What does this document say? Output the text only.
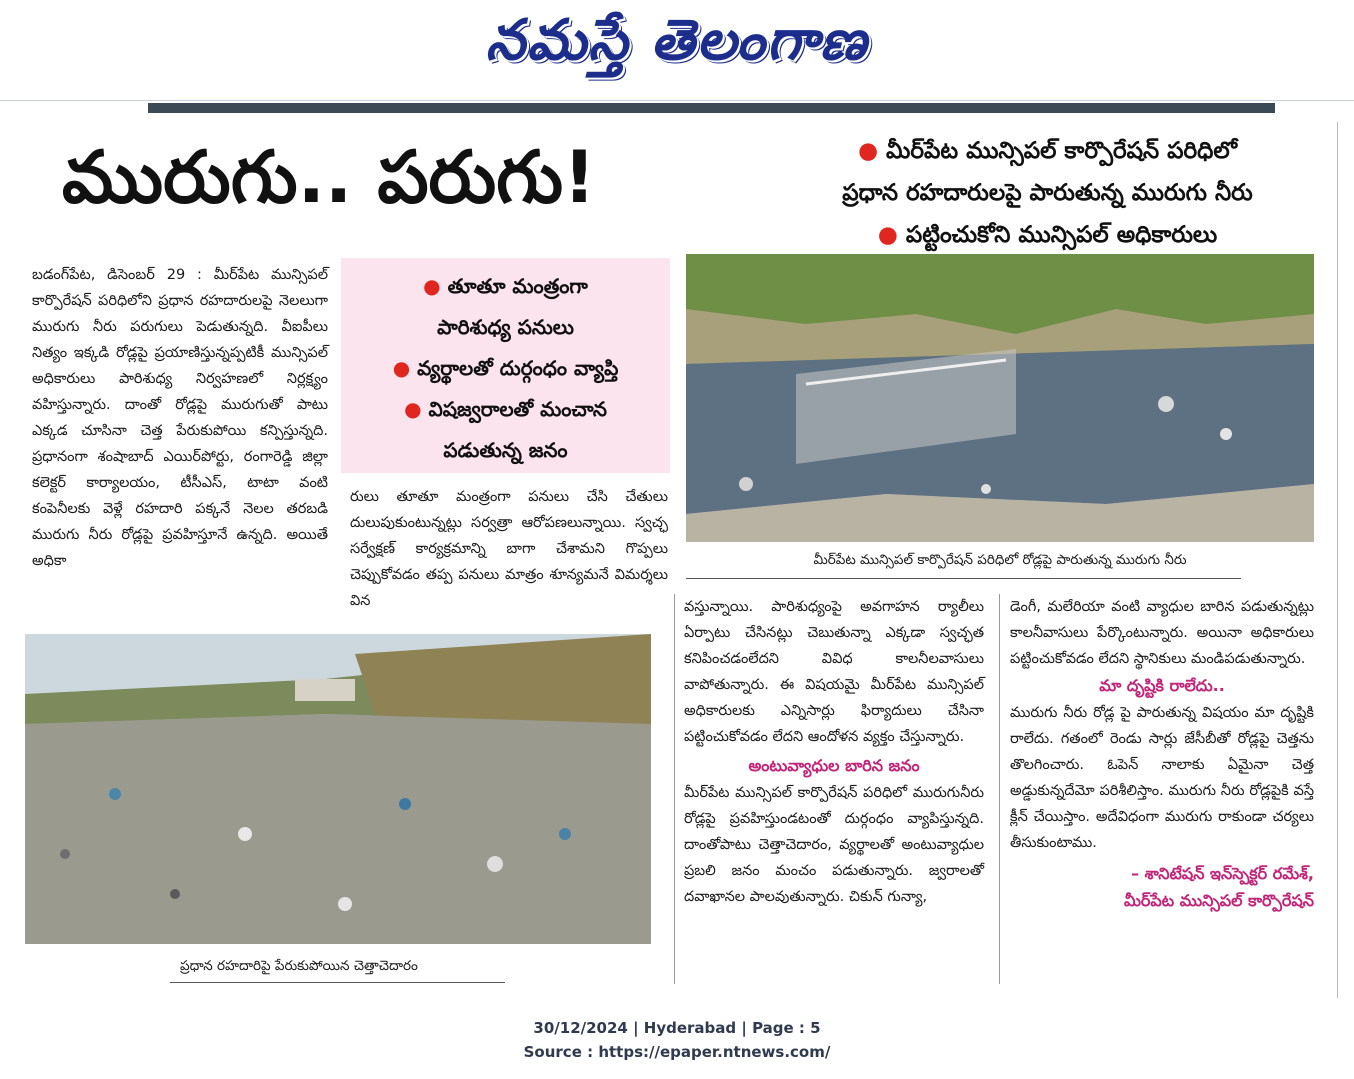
నమస్తే తెలంగాణ
మురుగు.. పరుగు!	● మీర్‌పేట మున్సిపల్‌ కార్పొరేషన్‌ పరిధిలో
ప్రధాన రహదారులపై పారుతున్న మురుగు నీరు
● పట్టించుకోని మున్సిపల్‌ అధికారులు
బడంగ్‌పేట, డిసెంబర్‌ 29 : మీర్‌పేట మున్సిపల్‌ కార్పొరేషన్‌ పరిధిలోని ప్రధాన రహదారులపై నెలలుగా మురుగు నీరు పరుగులు పెడుతున్నది. వీఐపీలు నిత్యం ఇక్కడి రోడ్లపై ప్రయాణిస్తున్నప్పటికీ మున్సిపల్‌ అధికారులు పారిశుధ్య నిర్వహణలో నిర్లక్ష్యం వహిస్తున్నారు. దాంతో రోడ్లపై మురుగుతో పాటు ఎక్కడ చూసినా చెత్త పేరుకుపోయి కన్పిస్తున్నది. ప్రధానంగా శంషాబాద్‌ ఎయిర్‌పోర్టు, రంగారెడ్డి జిల్లా కలెక్టర్‌ కార్యాలయం, టీసీఎస్‌, టాటా వంటి కంపెనీలకు వెళ్లే రహదారి పక్కనే నెలల తరబడి మురుగు నీరు రోడ్లపై ప్రవహిస్తూనే ఉన్నది. అయితే అధికా
● తూతూ మంత్రంగా
పారిశుధ్య పనులు
● వ్యర్థాలతో దుర్గంధం వ్యాప్తి
● విషజ్వరాలతో మంచాన
పడుతున్న జనం
రులు తూతూ మంత్రంగా పనులు చేసి చేతులు దులుపుకుంటున్నట్లు సర్వత్రా ఆరోపణలున్నాయి. స్వచ్ఛ సర్వేక్షణ్‌ కార్యక్రమాన్ని బాగా చేశామని గొప్పలు చెప్పుకోవడం తప్ప పనులు మాత్రం శూన్యమనే విమర్శలు విన
మీర్‌పేట మున్సిపల్‌ కార్పొరేషన్‌ పరిధిలో రోడ్లపై పారుతున్న మురుగు నీరు
ప్రధాన రహదారిపై పేరుకుపోయిన చెత్తాచెదారం
వస్తున్నాయి. పారిశుధ్యంపై అవగాహన ర్యాలీలు ఏర్పాటు చేసినట్లు చెబుతున్నా ఎక్కడా స్వచ్ఛత కనిపించడంలేదని వివిధ కాలనీలవాసులు వాపోతున్నారు. ఈ విషయమై మీర్‌పేట మున్సిపల్‌ అధికారులకు ఎన్నిసార్లు ఫిర్యాదులు చేసినా పట్టించుకోవడం లేదని ఆందోళన వ్యక్తం చేస్తున్నారు.
అంటువ్యాధుల బారిన జనం
మీర్‌పేట మున్సిపల్‌ కార్పొరేషన్‌ పరిధిలో మురుగునీరు రోడ్లపై ప్రవహిస్తుండటంతో దుర్గంధం వ్యాపిస్తున్నది. దాంతోపాటు చెత్తాచెదారం, వ్యర్థాలతో అంటువ్యాధుల ప్రబలి జనం మంచం పడుతున్నారు. జ్వరాలతో దవాఖానల పాలవుతున్నారు. చికున్‌ గున్యా,
డెంగీ, మలేరియా వంటి వ్యాధుల బారిన పడుతున్నట్లు కాలనీవాసులు పేర్కొంటున్నారు. అయినా అధికారులు పట్టించుకోవడం లేదని స్థానికులు మండిపడుతున్నారు.
మా దృష్టికి రాలేదు..
మురుగు నీరు రోడ్ల పై పారుతున్న విషయం మా దృష్టికి రాలేదు. గతంలో రెండు సార్లు జేసీబీతో రోడ్లపై చెత్తను తొలగించారు. ఓపెన్‌ నాలాకు ఏమైనా చెత్త అడ్డుకున్నదేమో పరిశీలిస్తాం. మురుగు నీరు రోడ్లపైకి వస్తే క్లీన్‌ చేయిస్తాం. అదేవిధంగా మురుగు రాకుండా చర్యలు తీసుకుంటాము.
– శానిటేషన్‌ ఇన్‌స్పెక్టర్‌ రమేశ్‌,
మీర్‌పేట మున్సిపల్‌ కార్పొరేషన్‌
30/12/2024 | Hyderabad | Page : 5
Source : https://epaper.ntnews.com/
